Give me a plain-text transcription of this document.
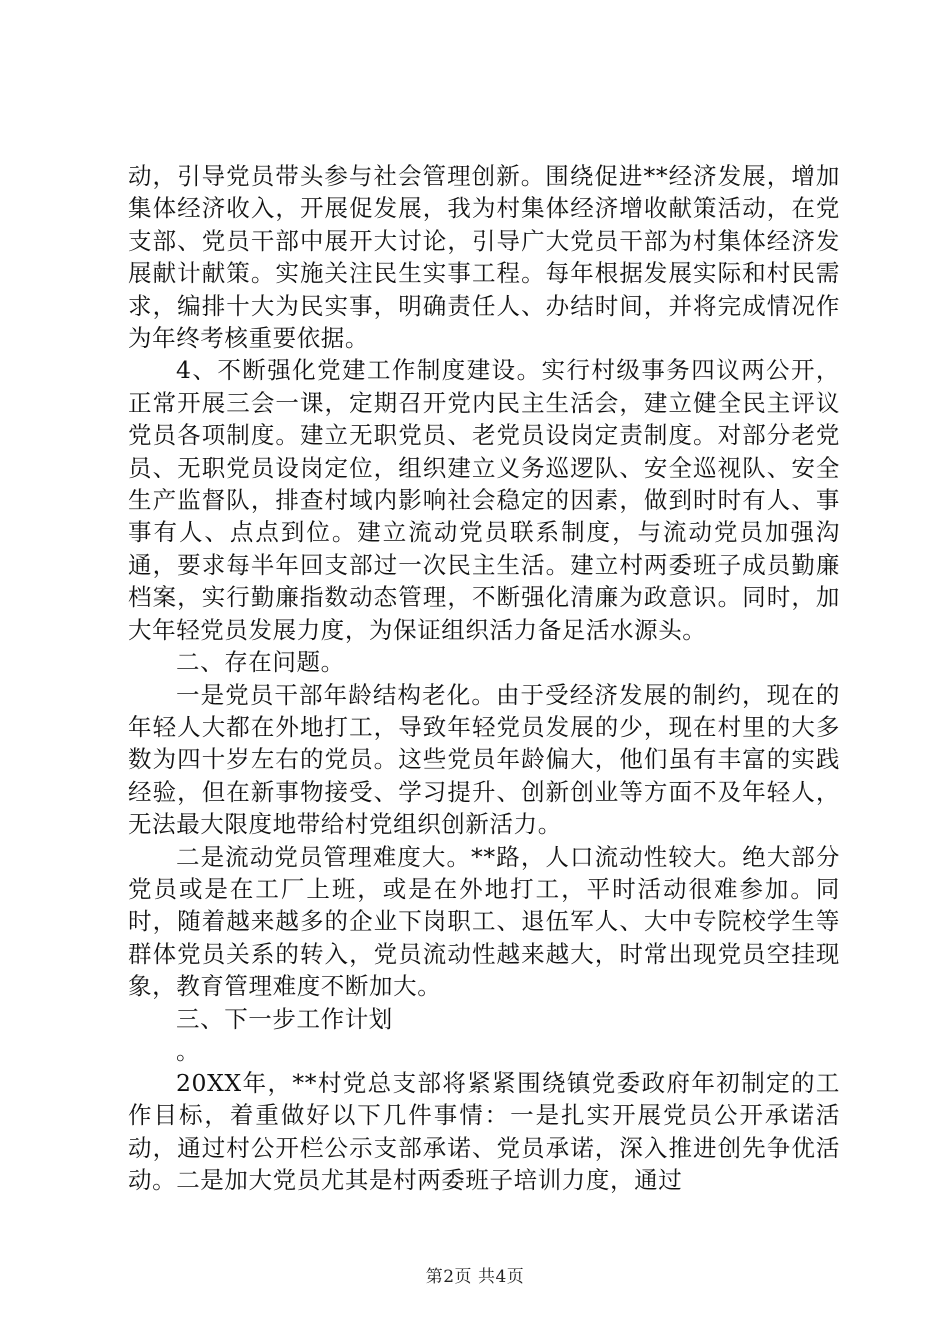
动，引导党员带头参与社会管理创新。围绕促进**经济发展，增加集体经济收入，开展促发展，我为村集体经济增收献策活动，在党支部、党员干部中展开大讨论，引导广大党员干部为村集体经济发展献计献策。实施关注民生实事工程。每年根据发展实际和村民需求，编排十大为民实事，明确责任人、办结时间，并将完成情况作为年终考核重要依据。

4、不断强化党建工作制度建设。实行村级事务四议两公开，正常开展三会一课，定期召开党内民主生活会，建立健全民主评议党员各项制度。建立无职党员、老党员设岗定责制度。对部分老党员、无职党员设岗定位，组织建立义务巡逻队、安全巡视队、安全生产监督队，排查村域内影响社会稳定的因素，做到时时有人、事事有人、点点到位。建立流动党员联系制度，与流动党员加强沟通，要求每半年回支部过一次民主生活。建立村两委班子成员勤廉档案，实行勤廉指数动态管理，不断强化清廉为政意识。同时，加大年轻党员发展力度，为保证组织活力备足活水源头。

二、存在问题。

一是党员干部年龄结构老化。由于受经济发展的制约，现在的年轻人大都在外地打工，导致年轻党员发展的少，现在村里的大多数为四十岁左右的党员。这些党员年龄偏大，他们虽有丰富的实践经验，但在新事物接受、学习提升、创新创业等方面不及年轻人，无法最大限度地带给村党组织创新活力。

二是流动党员管理难度大。**路，人口流动性较大。绝大部分党员或是在工厂上班，或是在外地打工，平时活动很难参加。同时，随着越来越多的企业下岗职工、退伍军人、大中专院校学生等群体党员关系的转入，党员流动性越来越大，时常出现党员空挂现象，教育管理难度不断加大。

三、下一步工作计划

。

20XX年，**村党总支部将紧紧围绕镇党委政府年初制定的工作目标，着重做好以下几件事情：一是扎实开展党员公开承诺活动，通过村公开栏公示支部承诺、党员承诺，深入推进创先争优活动。二是加大党员尤其是村两委班子培训力度，通过

第2页 共4页
